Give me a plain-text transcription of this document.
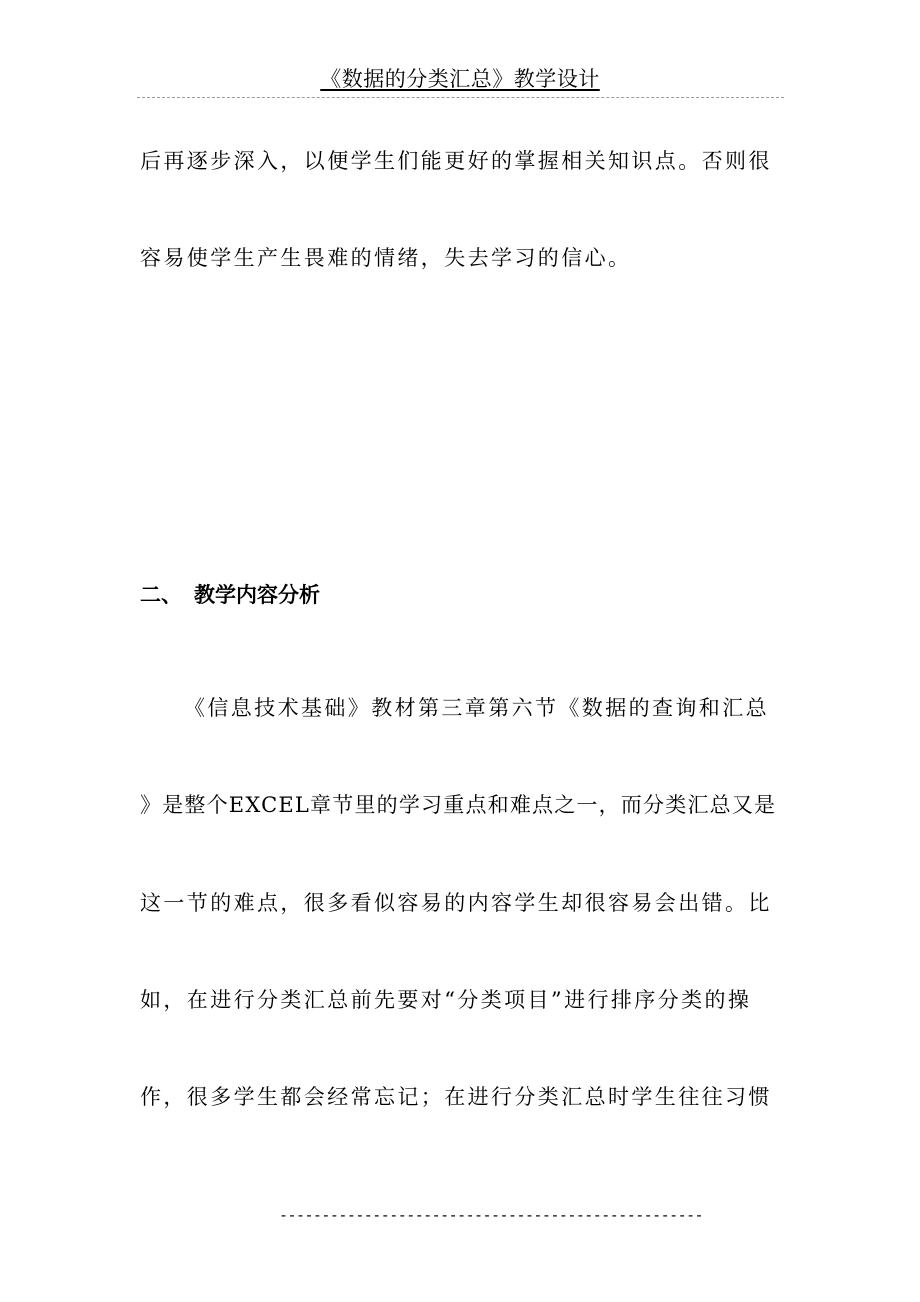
《数据的分类汇总》教学设计
后再逐步深入，以便学生们能更好的掌握相关知识点。否则很
容易使学生产生畏难的情绪，失去学习的信心。
二、 教学内容分析
《信息技术基础》教材第三章第六节《数据的查询和汇总
》是整个EXCEL章节里的学习重点和难点之一，而分类汇总又是
这一节的难点，很多看似容易的内容学生却很容易会出错。比
如，在进行分类汇总前先要对“分类项目”进行排序分类的操
作，很多学生都会经常忘记；在进行分类汇总时学生往往习惯
--------------------------------------------------
